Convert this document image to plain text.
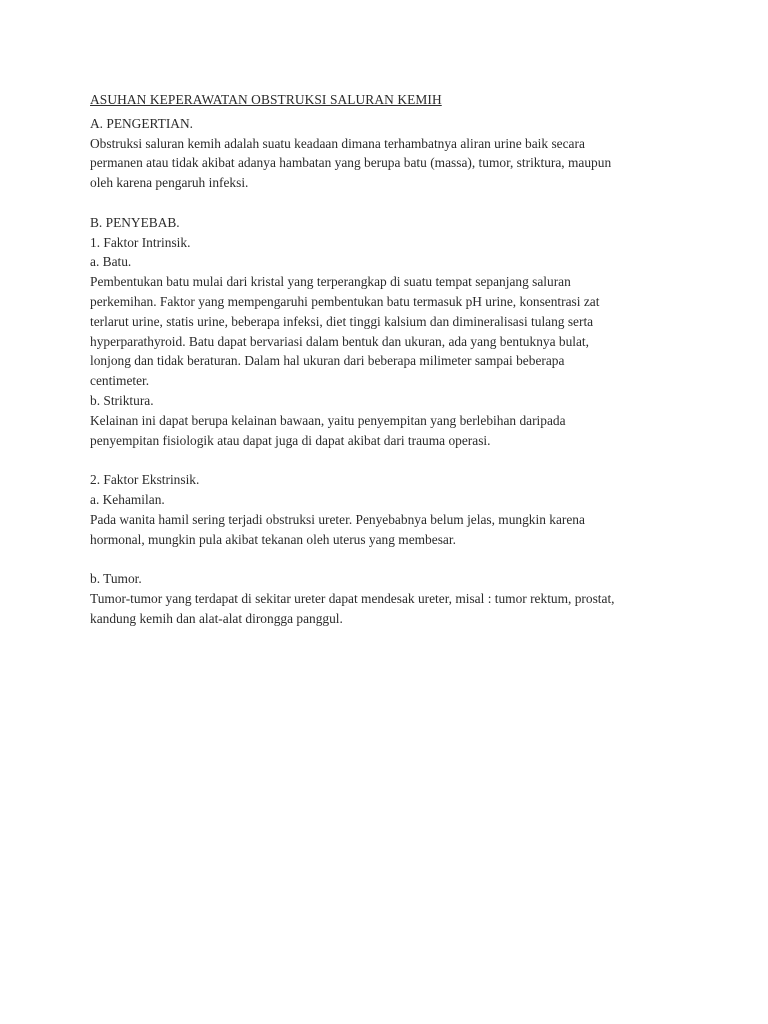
ASUHAN KEPERAWATAN OBSTRUKSI SALURAN KEMIH
A. PENGERTIAN.
Obstruksi saluran kemih adalah suatu keadaan dimana terhambatnya aliran urine baik secara
permanen atau tidak akibat adanya hambatan yang berupa batu (massa), tumor, striktura, maupun
oleh karena pengaruh infeksi.
B. PENYEBAB.
1. Faktor Intrinsik.
a. Batu.
Pembentukan batu mulai dari kristal yang terperangkap di suatu tempat sepanjang saluran
perkemihan. Faktor yang mempengaruhi pembentukan batu termasuk pH urine, konsentrasi zat
terlarut urine, statis urine, beberapa infeksi, diet tinggi kalsium dan dimineralisasi tulang serta
hyperparathyroid. Batu dapat bervariasi dalam bentuk dan ukuran, ada yang bentuknya bulat,
lonjong dan tidak beraturan. Dalam hal ukuran dari beberapa milimeter sampai beberapa
centimeter.
b. Striktura.
Kelainan ini dapat berupa kelainan bawaan, yaitu penyempitan yang berlebihan daripada
penyempitan fisiologik atau dapat juga di dapat akibat dari trauma operasi.
2. Faktor Ekstrinsik.
a. Kehamilan.
Pada wanita hamil sering terjadi obstruksi ureter. Penyebabnya belum jelas, mungkin karena
hormonal, mungkin pula akibat tekanan oleh uterus yang membesar.
b. Tumor.
Tumor-tumor yang terdapat di sekitar ureter dapat mendesak ureter, misal : tumor rektum, prostat,
kandung kemih dan alat-alat dirongga panggul.
